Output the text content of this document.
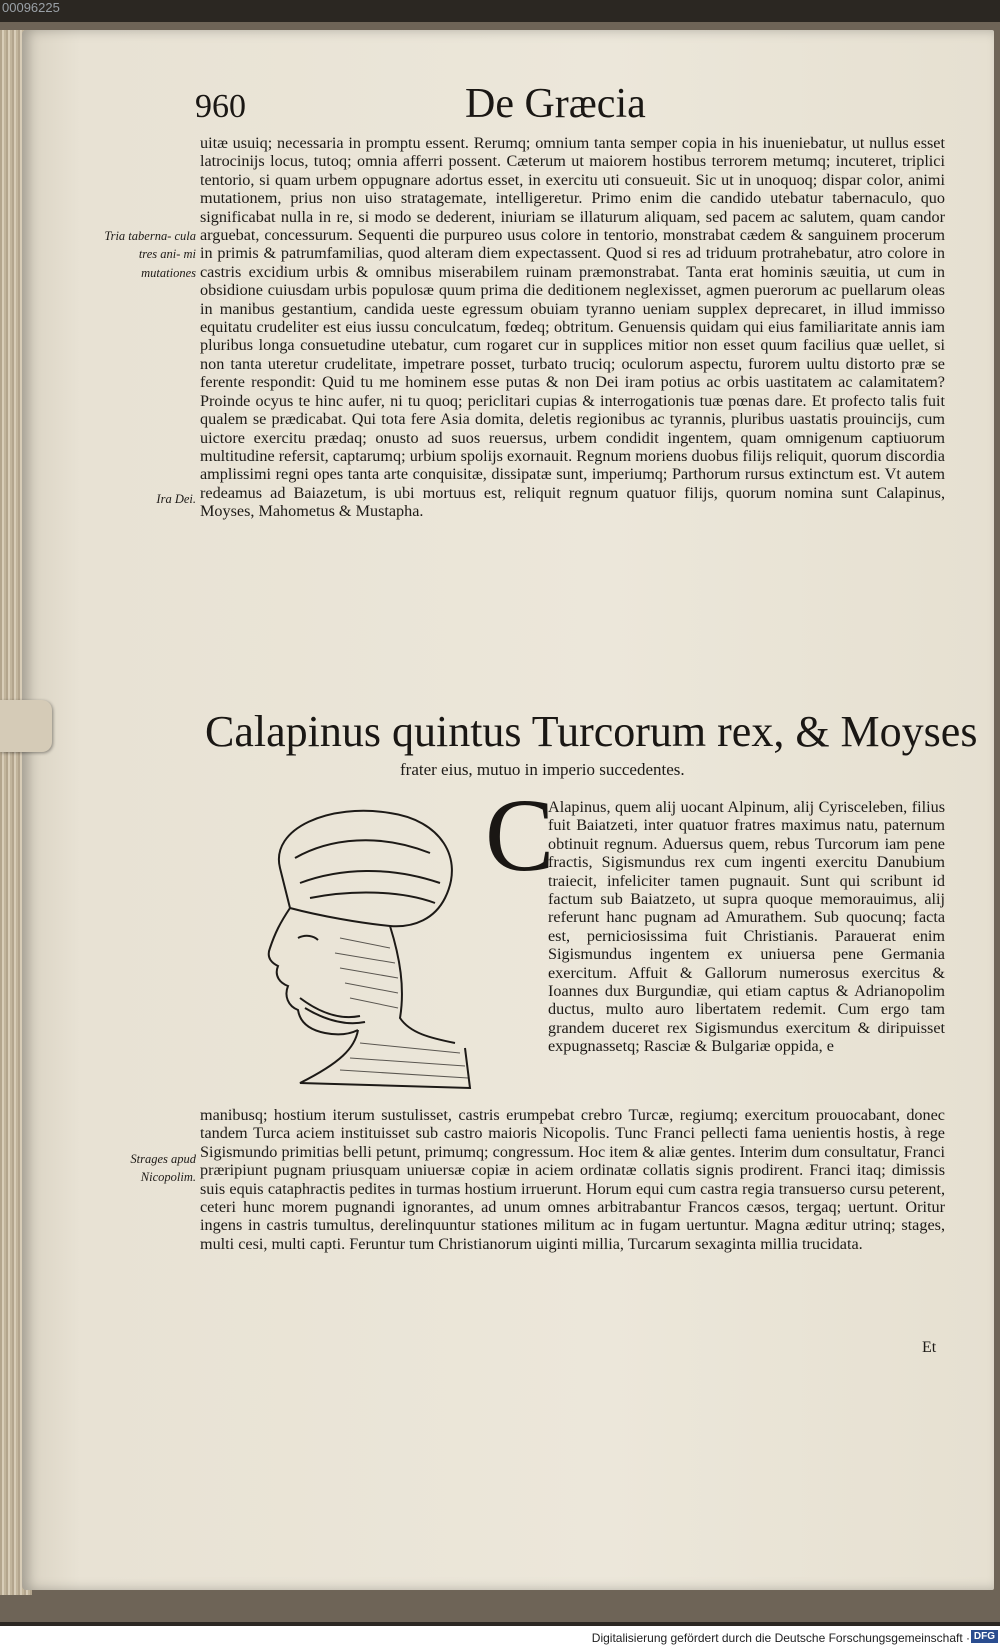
00096225
960	De Græcia
Tria taberna- cula tres ani- mi mutationes
Ira Dei.
Strages apud Nicopolim.

uitæ usuiq; necessaria in promptu essent. Rerumq; omnium tanta semper copia in his inueniebatur, ut nullus esset latrocinijs locus, tutoq; omnia afferri possent. Cæterum ut maiorem hostibus terrorem metumq; incuteret, triplici tentorio, si quam urbem oppugnare adortus esset, in exercitu uti consueuit. Sic ut in unoquoq; dispar color, animi mutationem, prius non uiso stratagemate, intelligeretur. Primo enim die candido utebatur tabernaculo, quo significabat nulla in re, si modo se dederent, iniuriam se illaturum aliquam, sed pacem ac salutem, quam candor arguebat, concessurum. Sequenti die purpureo usus colore in tentorio, monstrabat cædem & sanguinem procerum in primis & patrumfamilias, quod alteram diem expectassent. Quod si res ad triduum protrahebatur, atro colore in castris excidium urbis & omnibus miserabilem ruinam præmonstrabat. Tanta erat hominis sæuitia, ut cum in obsidione cuiusdam urbis populosæ quum prima die deditionem neglexisset, agmen puerorum ac puellarum oleas in manibus gestantium, candida ueste egressum obuiam tyranno ueniam supplex deprecaret, in illud immisso equitatu crudeliter est eius iussu conculcatum, fœdeq; obtritum. Genuensis quidam qui eius familiaritate annis iam pluribus longa consuetudine utebatur, cum rogaret cur in supplices mitior non esset quum facilius quæ uellet, si non tanta uteretur crudelitate, impetrare posset, turbato truciq; oculorum aspectu, furorem uultu distorto præ se ferente respondit: Quid tu me hominem esse putas & non Dei iram potius ac orbis uastitatem ac calamitatem? Proinde ocyus te hinc aufer, ni tu quoq; periclitari cupias & interrogationis tuæ pœnas dare. Et profecto talis fuit qualem se prædicabat. Qui tota fere Asia domita, deletis regionibus ac tyrannis, pluribus uastatis prouincijs, cum uictore exercitu prædaq; onusto ad suos reuersus, urbem condidit ingentem, quam omnigenum captiuorum multitudine refersit, captarumq; urbium spolijs exornauit. Regnum moriens duobus filijs reliquit, quorum discordia amplissimi regni opes tanta arte conquisitæ, dissipatæ sunt, imperiumq; Parthorum rursus extinctum est. Vt autem redeamus ad Baiazetum, is ubi mortuus est, reliquit regnum quatuor filijs, quorum nomina sunt Calapinus, Moyses, Mahometus & Mustapha.

Calapinus quintus Turcorum rex, & Moyses
frater eius, mutuo in imperio succedentes.
C

Alapinus, quem alij uocant Alpinum, alij Cyrisceleben, filius fuit Baiatzeti, inter quatuor fratres maximus natu, paternum obtinuit regnum. Aduersus quem, rebus Turcorum iam pene fractis, Sigismundus rex cum ingenti exercitu Danubium traiecit, infeliciter tamen pugnauit. Sunt qui scribunt id factum sub Baiatzeto, ut supra quoque memorauimus, alij referunt hanc pugnam ad Amurathem. Sub quocunq; facta est, perniciosissima fuit Christianis. Parauerat enim Sigismundus ingentem ex uniuersa pene Germania exercitum. Affuit & Gallorum numerosus exercitus & Ioannes dux Burgundiæ, qui etiam captus & Adrianopolim ductus, multo auro libertatem redemit. Cum ergo tam grandem duceret rex Sigismundus exercitum & diripuisset expugnassetq; Rasciæ & Bulgariæ oppida, e

manibusq; hostium iterum sustulisset, castris erumpebat crebro Turcæ, regiumq; exercitum prouocabant, donec tandem Turca aciem instituisset sub castro maioris Nicopolis. Tunc Franci pellecti fama uenientis hostis, à rege Sigismundo primitias belli petunt, primumq; congressum. Hoc item & aliæ gentes. Interim dum consultatur, Franci præripiunt pugnam priusquam uniuersæ copiæ in aciem ordinatæ collatis signis prodirent. Franci itaq; dimissis suis equis cataphractis pedites in turmas hostium irruerunt. Horum equi cum castra regia transuerso cursu peterent, ceteri hunc morem pugnandi ignorantes, ad unum omnes arbitrabantur Francos cæsos, tergaq; uertunt. Oritur ingens in castris tumultus, derelinquuntur stationes militum ac in fugam uertuntur. Magna æditur utrinq; stages, multi cesi, multi capti. Feruntur tum Christianorum uiginti millia, Turcarum sexaginta millia trucidata.

Et
Digitalisierung gefördert durch die Deutsche Forschungsgemeinschaft · DFG
